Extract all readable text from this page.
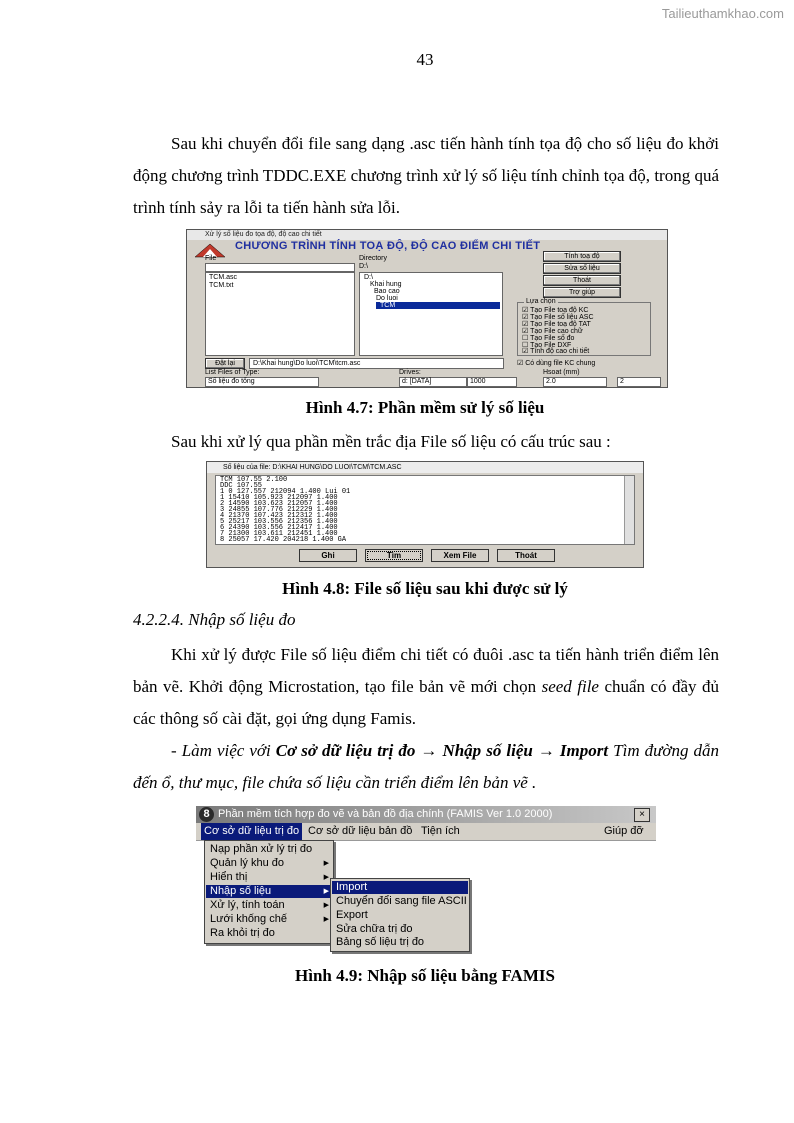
Tailieuthamkhao.com
43
Sau khi chuyển đổi file sang dạng .asc tiến hành tính tọa độ cho số liệu đo khởi động chương trình TDDC.EXE chương trình xử lý số liệu tính chỉnh tọa độ, trong quá trình tính sảy ra lỗi ta tiến hành sửa lỗi.
Xử lý số liệu đo tọa độ, độ cao chi tiết
CHƯƠNG TRÌNH TÍNH TOẠ ĐỘ, ĐỘ CAO ĐIỂM CHI TIẾT
File	Directory
TCM.asc
TCM.txt
D:\
D:\
Khai hung
Bao cao
Do luoi
TCM
Tính toạ độ
Sửa số liệu
Thoát
Trợ giúp
Lựa chọn
☑ Tạo File toạ độ KC
☑ Tạo File số liệu ASC
☑ Tạo File toạ độ TAT
☑ Tạo File cao chữ
☐ Tạo File số đo
☐ Tạo File DXF
☑ Tính độ cao chi tiết
Đặt lại	D:\Khai hung\Do luoi\TCM\tcm.asc	☑ Có dùng file KC chung
List Files of Type:
Số liệu đo tổng
Drives:
d: [DATA]	1000
Hsoat (mm)
2.0	2
Hình 4.7: Phần mềm sử lý số liệu
Sau khi xử lý qua phần mền trắc địa File số liệu có cấu trúc sau :
Số liệu của file: D:\KHAI HUNG\DO LUOI\TCM\TCM.ASC
TCM 107.55 2.100
DDC 107.55
1 0 127.557 212094 1.400 Lui 01
1 15410 105.923 212097 1.400
2 14590 103.623 212057 1.400
3 24855 107.776 212229 1.400
4 21370 107.423 212312 1.400
5 25217 103.556 212356 1.400
6 24390 103.556 212417 1.400
7 21300 103.611 212451 1.400
8 25057 17.420 204218 1.400 GA
Ghi	Tìm	Xem File	Thoát
Hình 4.8: File số liệu sau khi được sử lý
4.2.2.4. Nhập số liệu đo
Khi xử lý được File số liệu điểm chi tiết có đuôi .asc ta tiến hành triển điểm lên bản vẽ. Khởi động Microstation, tạo file bản vẽ mới chọn seed file chuẩn có đầy đủ các thông số cài đặt, gọi ứng dụng Famis.
- Làm việc với Cơ sở dữ liệu trị đo → Nhập số liệu → Import Tìm đường dẫn đến ổ, thư mục, file chứa số liệu cần triển điểm lên bản vẽ .
8 Phần mềm tích hợp đo vẽ và bản đồ địa chính (FAMIS Ver 1.0 2000)	×
Cơ sở dữ liệu trị đo Cơ sở dữ liệu bản đồ Tiện ích	Giúp đỡ
Nạp phần xử lý trị đo
Quản lý khu đo	▶
Hiển thị	▶
Nhập số liệu	▶
Xử lý, tính toán	▶
Lưới khống chế	▶
Ra khỏi trị đo
Import
Chuyển đổi sang file ASCII
Export
Sửa chữa trị đo
Bảng số liệu trị đo
Hình 4.9: Nhập số liệu bằng FAMIS
